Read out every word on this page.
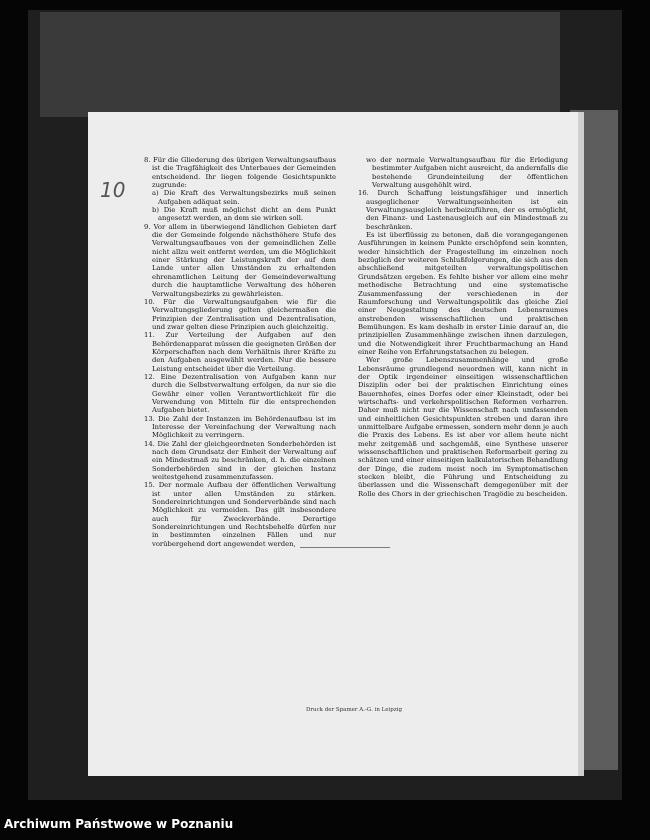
10

8. Für die Gliederung des übrigen Verwaltungsaufbaus ist die Tragfähigkeit des Unterbaues der Gemeinden entscheidend. Ihr liegen folgende Gesichtspunkte zugrunde:

a) Die Kraft des Verwaltungsbezirks muß seinen Aufgaben adäquat sein.

b) Die Kraft muß möglichst dicht an dem Punkt angesetzt werden, an dem sie wirken soll.

9. Vor allem in überwiegend ländlichen Gebieten darf die der Gemeinde folgende nächsthöhere Stufe des Verwaltungsaufbaues von der gemeindlichen Zelle nicht allzu weit entfernt werden, um die Möglichkeit einer Stärkung der Leistungskraft der auf dem Lande unter allen Umständen zu erhaltenden ehrenamtlichen Leitung der Gemeindeverwaltung durch die hauptamtliche Verwaltung des höheren Verwaltungsbezirks zu gewährleisten.

10. Für die Verwaltungsaufgaben wie für die Verwaltungsgliederung gelten gleichermaßen die Prinzipien der Zentralisation und Dezentralisation, und zwar gelten diese Prinzipien auch gleichzeitig.

11. Zur Verteilung der Aufgaben auf den Behördenapparat müssen die geeigneten Größen der Körperschaften nach dem Verhältnis ihrer Kräfte zu den Aufgaben ausgewählt werden. Nur die bessere Leistung entscheidet über die Verteilung.

12. Eine Dezentralisation von Aufgaben kann nur durch die Selbstverwaltung erfolgen, da nur sie die Gewähr einer vollen Verantwortlichkeit für die Verwendung von Mitteln für die entsprechenden Aufgaben bietet.

13. Die Zahl der Instanzen im Behördenaufbau ist im Interesse der Vereinfachung der Verwaltung nach Möglichkeit zu verringern.

14. Die Zahl der gleichgeordneten Sonderbehörden ist nach dem Grundsatz der Einheit der Verwaltung auf ein Mindestmaß zu beschränken, d. h. die einzelnen Sonderbehörden sind in der gleichen Instanz weitestgehend zusammenzufassen.

15. Der normale Aufbau der öffentlichen Verwaltung ist unter allen Umständen zu stärken. Sondereinrichtungen und Sonderverbände sind nach Möglichkeit zu vermeiden. Das gilt insbesondere auch für Zweckverbände. Derartige Sondereinrichtungen und Rechtsbehelfe dürfen nur in bestimmten einzelnen Fällen und nur vorübergehend dort angewendet werden,

wo der normale Verwaltungsaufbau für die Erledigung bestimmter Aufgaben nicht ausreicht, da andernfalls die bestehende Grundeinteilung der öffentlichen Verwaltung ausgehöhlt wird.

16. Durch Schaffung leistungsfähiger und innerlich ausgeglichener Verwaltungseinheiten ist ein Verwaltungsausgleich herbeizuführen, der es ermöglicht, den Finanz- und Lastenausgleich auf ein Mindestmaß zu beschränken.

Es ist überflüssig zu betonen, daß die vorangegangenen Ausführungen in keinem Punkte erschöpfend sein konnten, weder hinsichtlich der Fragestellung im einzelnen noch bezüglich der weiteren Schlußfolgerungen, die sich aus den abschließend mitgeteilten verwaltungspolitischen Grundsätzen ergeben. Es fehlte bisher vor allem eine mehr methodische Betrachtung und eine systematische Zusammenfassung der verschiedenen in der Raumforschung und Verwaltungspolitik das gleiche Ziel einer Neugestaltung des deutschen Lebensraumes anstrebenden wissenschaftlichen und praktischen Bemühungen. Es kam deshalb in erster Linie darauf an, die prinzipiellen Zusammenhänge zwischen ihnen darzulegen, und die Notwendigkeit ihrer Fruchtbarmachung an Hand einer Reihe von Erfahrungstatsachen zu belegen.

Wer große Lebenszusammenhänge und große Lebensräume grundlegend neuordnen will, kann nicht in der Optik irgendeiner einseitigen wissenschaftlichen Disziplin oder bei der praktischen Einrichtung eines Bauernhofes, eines Dorfes oder einer Kleinstadt, oder bei wirtschafts- und verkehrspolitischen Reformen verharren. Daher muß nicht nur die Wissenschaft nach umfassenden und einheitlichen Gesichtspunkten streben und daran ihre unmittelbare Aufgabe ermessen, sondern mehr denn je auch die Praxis des Lebens. Es ist aber vor allem heute nicht mehr zeitgemäß und sachgemäß, eine Synthese unserer wissenschaftlichen und praktischen Reformarbeit gering zu schätzen und einer einseitigen kalkulatorischen Behandlung der Dinge, die zudem meist noch im Symptomatischen stecken bleibt, die Führung und Entscheidung zu überlassen und die Wissenschaft demgegenüber mit der Rolle des Chors in der griechischen Tragödie zu bescheiden.

Druck der Spamer A.-G. in Leipzig
Archiwum Państwowe w Poznaniu
